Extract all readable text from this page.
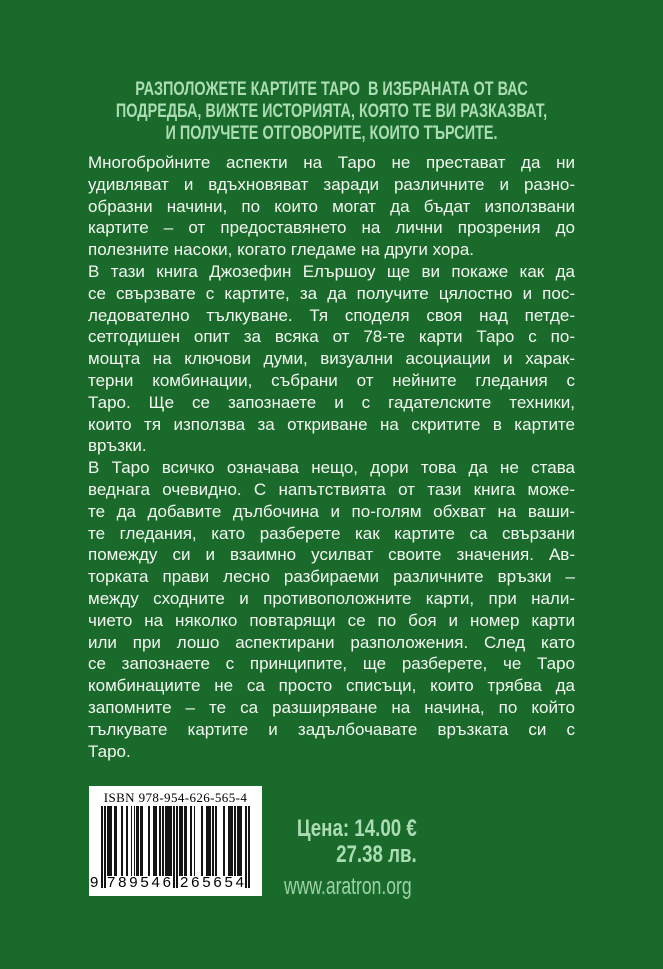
РАЗПОЛОЖЕТЕ КАРТИТЕ ТАРО  В ИЗБРАНАТА ОТ ВАС
ПОДРЕДБА, ВИЖТЕ ИСТОРИЯТА, КОЯТО ТЕ ВИ РАЗКАЗВАТ,
И ПОЛУЧЕТЕ ОТГОВОРИТЕ, КОИТО ТЪРСИТЕ.
Многобройните аспекти на Таро не престават да ни
удивляват и вдъхновяват заради различните и разно-
образни начини, по които могат да бъдат използвани
картите – от предоставянето на лични прозрения до
полезните насоки, когато гледаме на други хора.
В тази книга Джозефин Елършоу ще ви покаже как да
се свързвате с картите, за да получите цялостно и пос-
ледователно тълкуване. Тя споделя своя над петде-
сетгодишен опит за всяка от 78-те карти Таро с по-
мощта на ключови думи, визуални асоциации и харак-
терни комбинации, събрани от нейните гледания с
Таро. Ще се запознаете и с гадателските техники,
които тя използва за откриване на скритите в картите
връзки.
В Таро всичко означава нещо, дори това да не става
веднага очевидно. С напътствията от тази книга може-
те да добавите дълбочина и по-голям обхват на ваши-
те гледания, като разберете как картите са свързани
помежду си и взаимно усилват своите значения. Ав-
торката прави лесно разбираеми различните връзки –
между сходните и противоположните карти, при нали-
чието на няколко повтарящи се по боя и номер карти
или при лошо аспектирани разположения. След като
се запознаете с принципите, ще разберете, че Таро
комбинациите не са просто списъци, които трябва да
запомните – те са разширяване на начина, по който
тълкувате картите и задълбочавате връзката си с
Таро.
ISBN 978-954-626-565-4
9 7 8 9 5 4 6 2 6 5 6 5 4
Цена: 14.00 €
27.38 лв.
www.aratron.org
